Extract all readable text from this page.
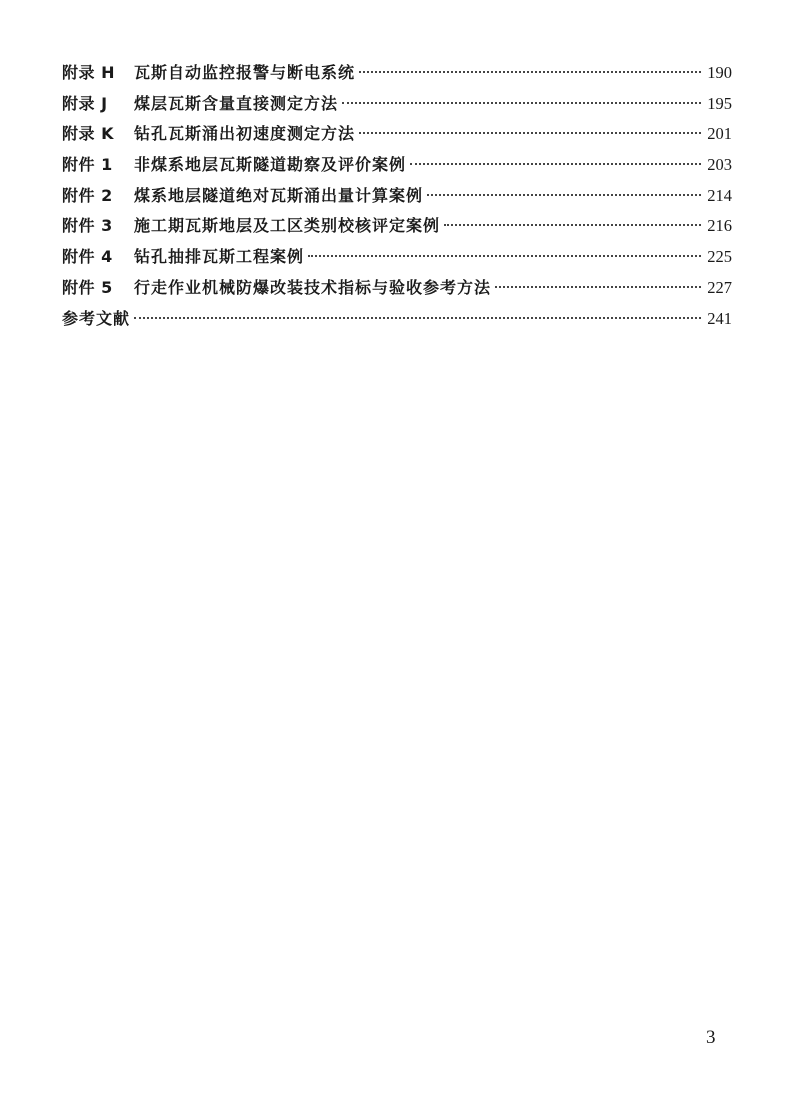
附录 H	瓦斯自动监控报警与断电系统	190
附录 J	煤层瓦斯含量直接测定方法	195
附录 K	钻孔瓦斯涌出初速度测定方法	201
附件 1	非煤系地层瓦斯隧道勘察及评价案例	203
附件 2	煤系地层隧道绝对瓦斯涌出量计算案例	214
附件 3	施工期瓦斯地层及工区类别校核评定案例	216
附件 4	钻孔抽排瓦斯工程案例	225
附件 5	行走作业机械防爆改装技术指标与验收参考方法	227
参考文献	241
3
